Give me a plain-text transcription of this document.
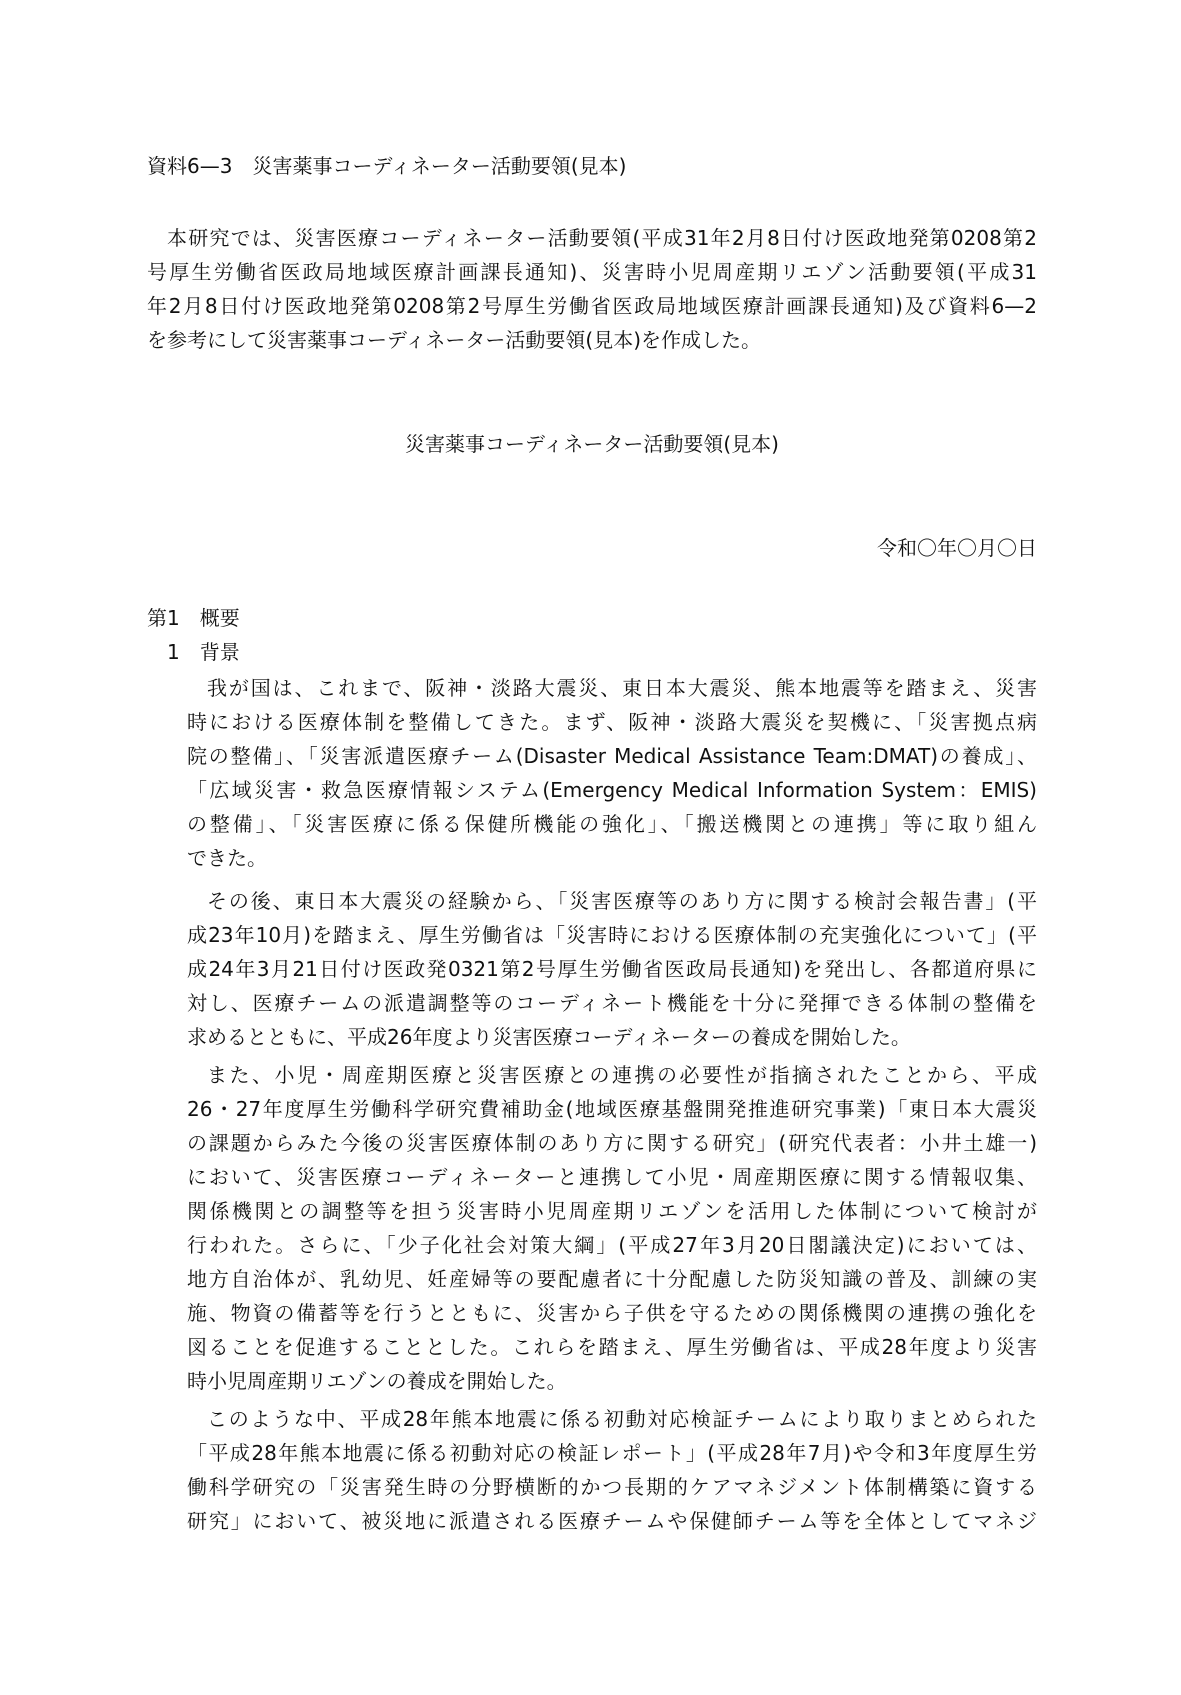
資料6—3　災害薬事コーディネーター活動要領(見本)
本研究では、災害医療コーディネーター活動要領(平成31年2月8日付け医政地発第0208第2
号厚生労働省医政局地域医療計画課長通知)、災害時小児周産期リエゾン活動要領(平成31
年2月8日付け医政地発第0208第2号厚生労働省医政局地域医療計画課長通知)及び資料6—2
を参考にして災害薬事コーディネーター活動要領(見本)を作成した。
災害薬事コーディネーター活動要領(見本)
令和〇年〇月〇日
第1　概要
1　背景
我が国は、これまで、阪神・淡路大震災、東日本大震災、熊本地震等を踏まえ、災害
時における医療体制を整備してきた。まず、阪神・淡路大震災を契機に、「災害拠点病
院の整備」、「災害派遣医療チーム(Disaster Medical Assistance Team:DMAT)の養成」、
「広域災害・救急医療情報システム(Emergency Medical Information System：EMIS)
の整備」、「災害医療に係る保健所機能の強化」、「搬送機関との連携」等に取り組ん
できた。
その後、東日本大震災の経験から、「災害医療等のあり方に関する検討会報告書」(平
成23年10月)を踏まえ、厚生労働省は「災害時における医療体制の充実強化について」(平
成24年3月21日付け医政発0321第2号厚生労働省医政局長通知)を発出し、各都道府県に
対し、医療チームの派遣調整等のコーディネート機能を十分に発揮できる体制の整備を
求めるとともに、平成26年度より災害医療コーディネーターの養成を開始した。
また、小児・周産期医療と災害医療との連携の必要性が指摘されたことから、平成
26・27年度厚生労働科学研究費補助金(地域医療基盤開発推進研究事業)「東日本大震災
の課題からみた今後の災害医療体制のあり方に関する研究」(研究代表者：小井土雄一)
において、災害医療コーディネーターと連携して小児・周産期医療に関する情報収集、
関係機関との調整等を担う災害時小児周産期リエゾンを活用した体制について検討が
行われた。さらに、「少子化社会対策大綱」(平成27年3月20日閣議決定)においては、
地方自治体が、乳幼児、妊産婦等の要配慮者に十分配慮した防災知識の普及、訓練の実
施、物資の備蓄等を行うとともに、災害から子供を守るための関係機関の連携の強化を
図ることを促進することとした。これらを踏まえ、厚生労働省は、平成28年度より災害
時小児周産期リエゾンの養成を開始した。
このような中、平成28年熊本地震に係る初動対応検証チームにより取りまとめられた
「平成28年熊本地震に係る初動対応の検証レポート」(平成28年7月)や令和3年度厚生労
働科学研究の「災害発生時の分野横断的かつ長期的ケアマネジメント体制構築に資する
研究」において、被災地に派遣される医療チームや保健師チーム等を全体としてマネジ
